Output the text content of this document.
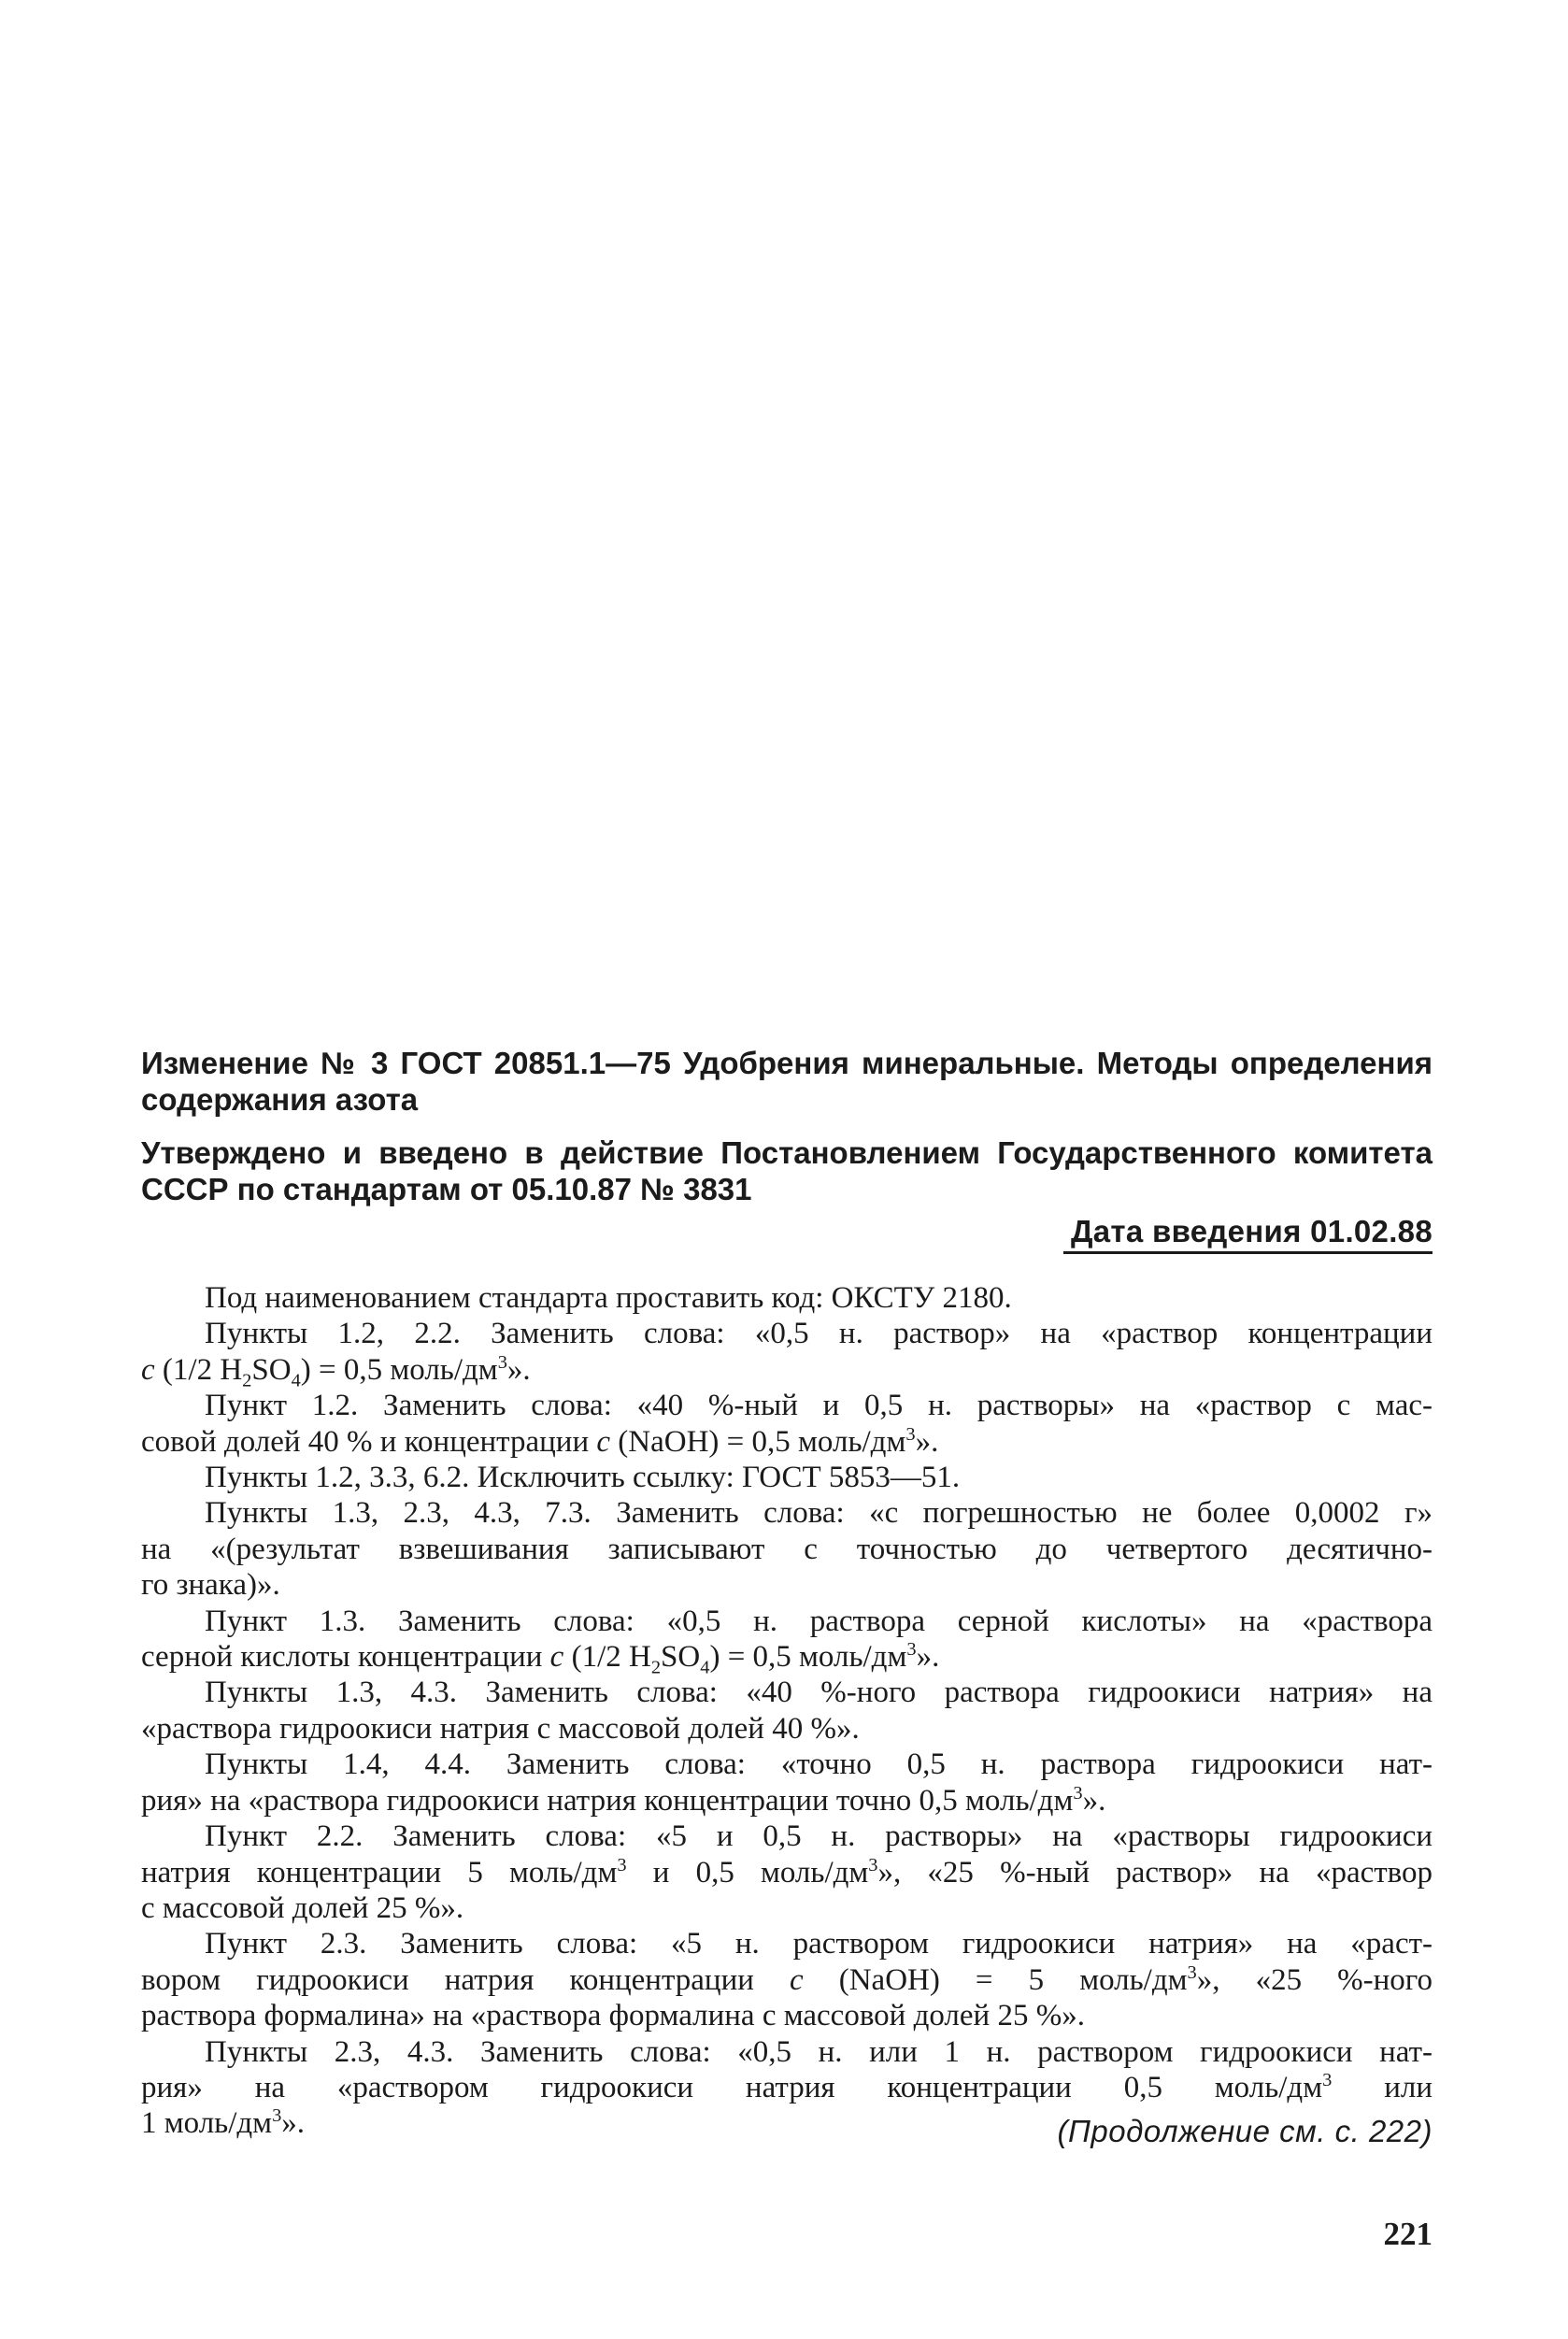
Изменение № 3 ГОСТ 20851.1—75 Удобрения минеральные. Методы определения
содержания азота
Утверждено и введено в действие Постановлением Государственного комитета
СССР по стандартам от 05.10.87 № 3831
Дата введения 01.02.88
Под наименованием стандарта проставить код: ОКСТУ 2180.
Пункты 1.2, 2.2. Заменить слова: «0,5 н. раствор» на «раствор концентрации
c (1/2 $H_2SO_4) = 0,5$ моль/$дм^3$».
Пункт 1.2. Заменить слова: «40 %-ный и 0,5 н. растворы» на «раствор с мас-
совой долей 40 % и концентрации c (NaOH) = 0,5 моль/$дм^3$».
Пункты 1.2, 3.3, 6.2. Исключить ссылку: ГОСТ 5853—51.
Пункты 1.3, 2.3, 4.3, 7.3. Заменить слова: «с погрешностью не более 0,0002 г»
на «(результат взвешивания записывают с точностью до четвертого десятично-
го знака)».
Пункт 1.3. Заменить слова: «0,5 н. раствора серной кислоты» на «раствора
серной кислоты концентрации c (1/2 $H_2SO_4) = 0,5$ моль/$дм^3$».
Пункты 1.3, 4.3. Заменить слова: «40 %-ного раствора гидроокиси натрия» на
«раствора гидроокиси натрия с массовой долей 40 %».
Пункты 1.4, 4.4. Заменить слова: «точно 0,5 н. раствора гидроокиси нат-
рия» на «раствора гидроокиси натрия концентрации точно 0,5 моль/$дм^3$».
Пункт 2.2. Заменить слова: «5 и 0,5 н. растворы» на «растворы гидроокиси
натрия концентрации 5 моль/$дм^3$ и 0,5 моль/$дм^3$», «25 %-ный раствор» на «раствор
с массовой долей 25 %».
Пункт 2.3. Заменить слова: «5 н. раствором гидроокиси натрия» на «раст-
вором гидроокиси натрия концентрации c (NaOH) = 5 моль/$дм^3$», «25 %-ного
раствора формалина» на «раствора формалина с массовой долей 25 %».
Пункты 2.3, 4.3. Заменить слова: «0,5 н. или 1 н. раствором гидроокиси нат-
рия» на «раствором гидроокиси натрия концентрации 0,5 моль/$дм^3$ или
1 моль/$дм^3$».	(Продолжение см. с. 222)
221
